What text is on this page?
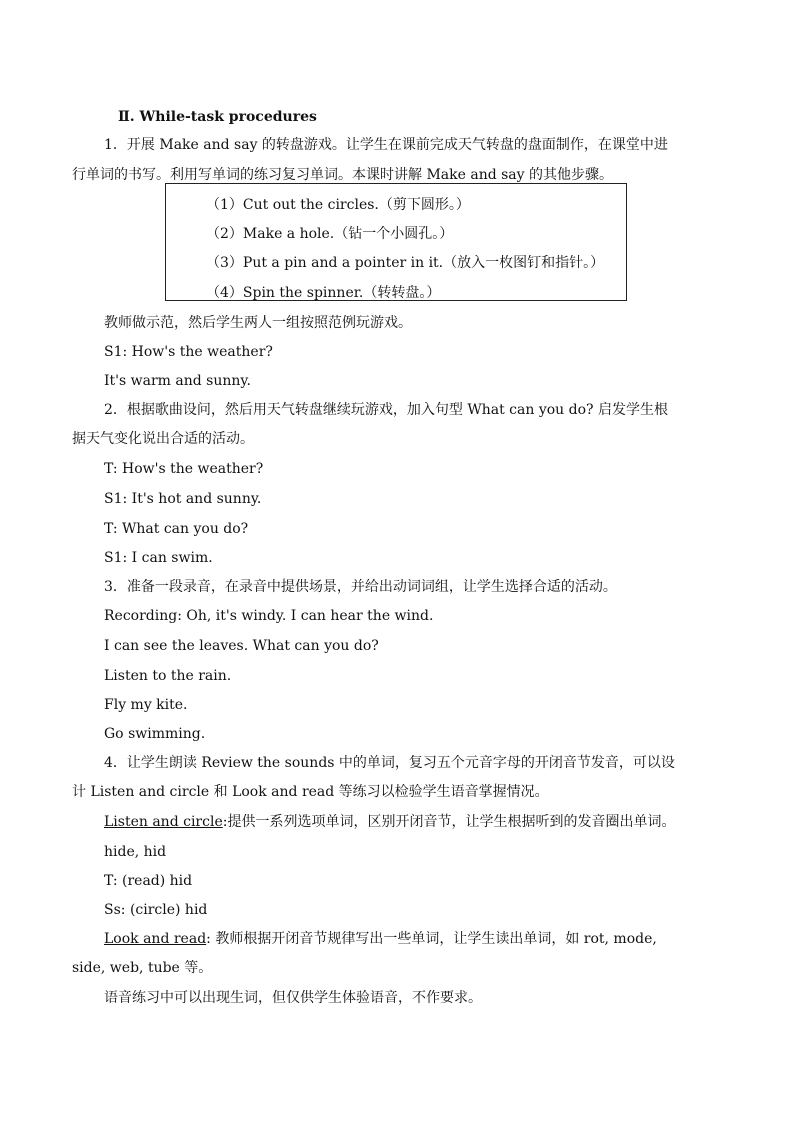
Ⅱ. While-task procedures
1．开展 Make and say 的转盘游戏。让学生在课前完成天气转盘的盘面制作，在课堂中进
行单词的书写。利用写单词的练习复习单词。本课时讲解 Make and say 的其他步骤。
（1）Cut out the circles.（剪下圆形。）
（2）Make a hole.（钻一个小圆孔。）
（3）Put a pin and a pointer in it.（放入一枚图钉和指针。）
（4）Spin the spinner.（转转盘。）
教师做示范，然后学生两人一组按照范例玩游戏。
S1: How's the weather?
It's warm and sunny.
2．根据歌曲设问，然后用天气转盘继续玩游戏，加入句型 What can you do? 启发学生根
据天气变化说出合适的活动。
T: How's the weather?
S1: It's hot and sunny.
T: What can you do?
S1: I can swim.
3．准备一段录音，在录音中提供场景，并给出动词词组，让学生选择合适的活动。
Recording: Oh, it's windy. I can hear the wind.
I can see the leaves. What can you do?
Listen to the rain.
Fly my kite.
Go swimming.
4．让学生朗读 Review the sounds 中的单词，复习五个元音字母的开闭音节发音，可以设
计 Listen and circle 和 Look and read 等练习以检验学生语音掌握情况。
Listen and circle:提供一系列选项单词，区别开闭音节，让学生根据听到的发音圈出单词。
hide, hid
T: (read) hid
Ss: (circle) hid
Look and read: 教师根据开闭音节规律写出一些单词，让学生读出单词，如 rot, mode,
side, web, tube 等。
语音练习中可以出现生词，但仅供学生体验语音，不作要求。
